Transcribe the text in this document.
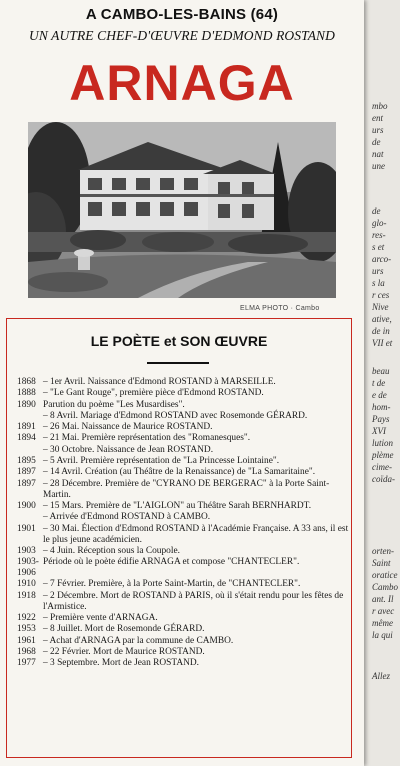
mbo
ent
urs
de
nat
une
de
glo-
res-
s et
arco-
urs
s la
r ces
Nive
ative,
de in
VII et
beau
t de
e de
hom-
Pays
XVI
lution
plème
cime-
coïda-
orten-
Saint
oratice
Cambo
ant. Il
r avec
même
la qui
Allez
A CAMBO-LES-BAINS (64)
UN AUTRE CHEF-D'ŒUVRE D'EDMOND ROSTAND
ARNAGA
ELMA PHOTO · Cambo
LE POÈTE et SON ŒUVRE
1868 – 1er Avril. Naissance d'Edmond ROSTAND à MARSEILLE.
1888 – "Le Gant Rouge", première pièce d'Edmond ROSTAND.
1890 Parution du poème "Les Musardises".
– 8 Avril. Mariage d'Edmond ROSTAND avec Rosemonde GÉRARD.
1891 – 26 Mai. Naissance de Maurice ROSTAND.
1894 – 21 Mai. Première représentation des "Romanesques".
– 30 Octobre. Naissance de Jean ROSTAND.
1895 – 5 Avril. Première représentation de "La Princesse Lointaine".
1897 – 14 Avril. Création (au Théâtre de la Renaissance) de "La Samaritaine".
1897 – 28 Décembre. Première de "CYRANO DE BERGERAC" à la Porte Saint-Martin.
1900 – 15 Mars. Première de "L'AIGLON" au Théâtre Sarah BERNHARDT.
– Arrivée d'Edmond ROSTAND à CAMBO.
1901 – 30 Mai. Élection d'Edmond ROSTAND à l'Académie Française. A 33 ans, il est le plus jeune académicien.
1903 – 4 Juin. Réception sous la Coupole.
1903-1906
Période où le poète édifie ARNAGA et compose "CHANTECLER".
1910 – 7 Février. Première, à la Porte Saint-Martin, de "CHANTECLER".
1918 – 2 Décembre. Mort de ROSTAND à PARIS, où il s'était rendu pour les fêtes de l'Armistice.
1922 – Première vente d'ARNAGA.
1953 – 8 Juillet. Mort de Rosemonde GÉRARD.
1961 – Achat d'ARNAGA par la commune de CAMBO.
1968 – 22 Février. Mort de Maurice ROSTAND.
1977 – 3 Septembre. Mort de Jean ROSTAND.
